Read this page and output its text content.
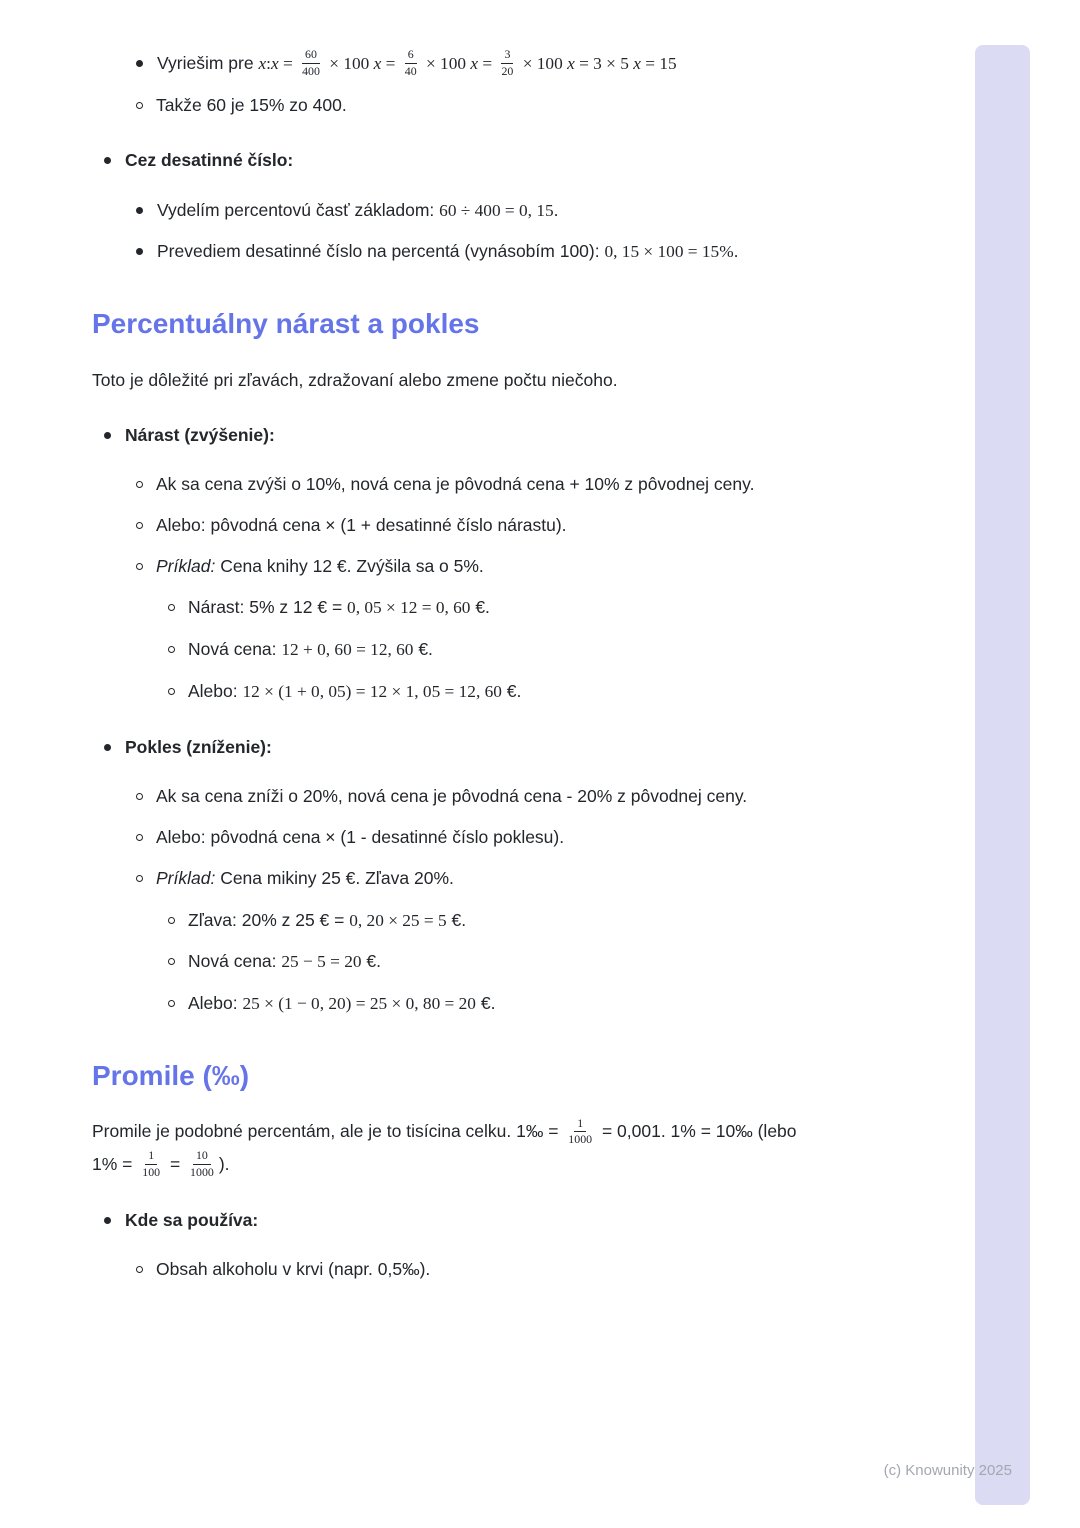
Vyriešim pre x:x = $\frac{60}{400} \times 100$ $x = \frac{6}{40} \times 100$ $x = \frac{3}{20} \times 100$ x = 3 × 5 x = 15
Takže 60 je 15% zo 400.
Cez desatinné číslo:
Vydelím percentovú časť základom: 60 ÷ 400 = 0, 15.
Prevediem desatinné číslo na percentá (vynásobím 100): 0, 15 × 100 = 15%.
Percentuálny nárast a pokles
Toto je dôležité pri zľavách, zdražovaní alebo zmene počtu niečoho.
Nárast (zvýšenie):
Ak sa cena zvýši o 10%, nová cena je pôvodná cena + 10% z pôvodnej ceny.
Alebo: pôvodná cena × (1 + desatinné číslo nárastu).
Príklad: Cena knihy 12 €. Zvýšila sa o 5%.
Nárast: 5% z 12 € = 0, 05 × 12 = 0, 60 €.
Nová cena: 12 + 0, 60 = 12, 60 €.
Alebo: 12 × (1 + 0, 05) = 12 × 1, 05 = 12, 60 €.
Pokles (zníženie):
Ak sa cena zníži o 20%, nová cena je pôvodná cena - 20% z pôvodnej ceny.
Alebo: pôvodná cena × (1 - desatinné číslo poklesu).
Príklad: Cena mikiny 25 €. Zľava 20%.
Zľava: 20% z 25 € = 0, 20 × 25 = 5 €.
Nová cena: 25 − 5 = 20 €.
Alebo: 25 × (1 − 0, 20) = 25 × 0, 80 = 20 €.
Promile (‰)
Promile je podobné percentám, ale je to tisícina celku. 1‰ = $\frac{1}{1000} = 0,001$. 1% = 10‰ (lebo $1\% = \frac{1}{100} = \frac{10}{1000}$ ).
Kde sa používa:
Obsah alkoholu v krvi (napr. 0,5‰).
(c) Knowunity 2025
